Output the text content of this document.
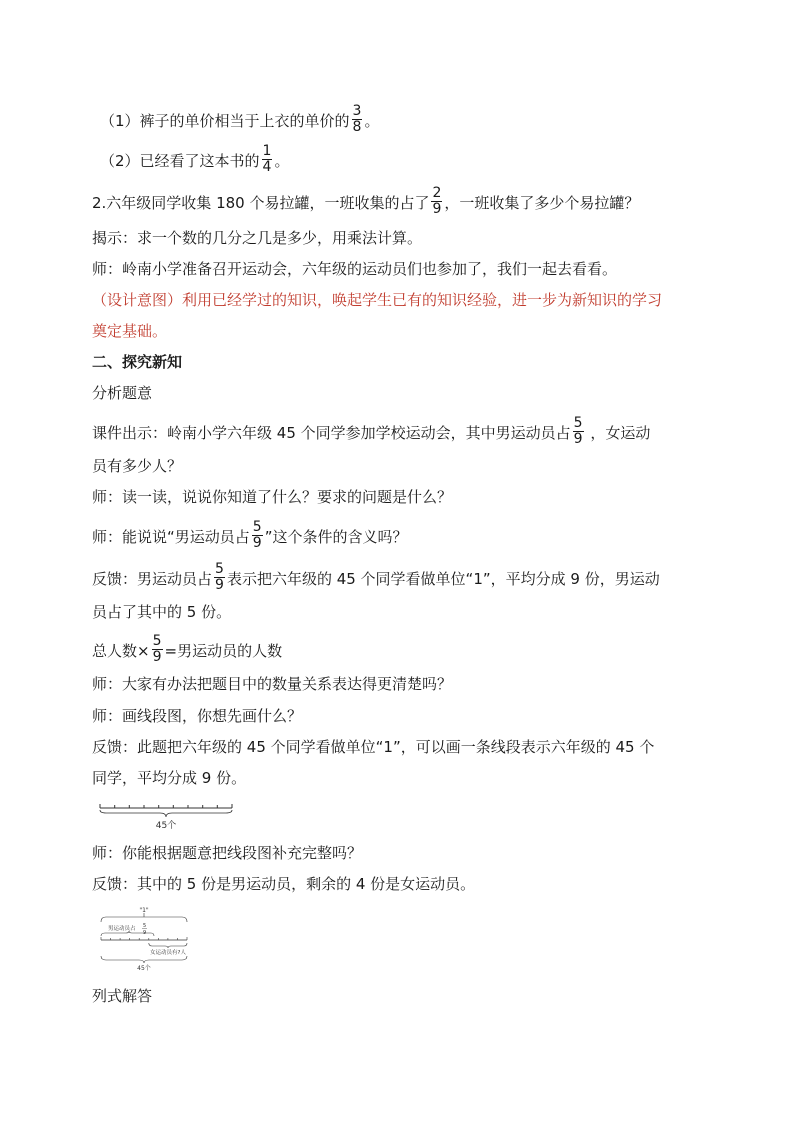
（1）裤子的单价相当于上衣的单价的 $\frac{3}{8}$ 。
（2）已经看了这本书的 $\frac{1}{4}$ 。
2.六年级同学收集 180 个易拉罐，一班收集的占了 $\frac{2}{9}$ ，一班收集了多少个易拉罐？
揭示：求一个数的几分之几是多少，用乘法计算。
师：岭南小学准备召开运动会，六年级的运动员们也参加了，我们一起去看看。
（设计意图）利用已经学过的知识，唤起学生已有的知识经验，进一步为新知识的学习
奠定基础。
二、探究新知
分析题意
课件出示：岭南小学六年级 45 个同学参加学校运动会，其中男运动员占 $\frac{5}{9}$ ，女运动
员有多少人？
师：读一读，说说你知道了什么？要求的问题是什么？
师：能说说“男运动员占 $\frac{5}{9}$ ”这个条件的含义吗？
反馈：男运动员占 $\frac{5}{9}$ 表示把六年级的 45 个同学看做单位“1”，平均分成 9 份，男运动
员占了其中的 5 份。
总人数× $\frac{5}{9}$ =男运动员的人数
师：大家有办法把题目中的数量关系表达得更清楚吗？
师：画线段图，你想先画什么？
反馈：此题把六年级的 45 个同学看做单位“1”，可以画一条线段表示六年级的 45 个
同学，平均分成 9 份。
45个
师：你能根据题意把线段图补充完整吗？
反馈：其中的 5 份是男运动员，剩余的 4 份是女运动员。
"1"
男运动员占 5
9
女运动员有?人
45个
列式解答
